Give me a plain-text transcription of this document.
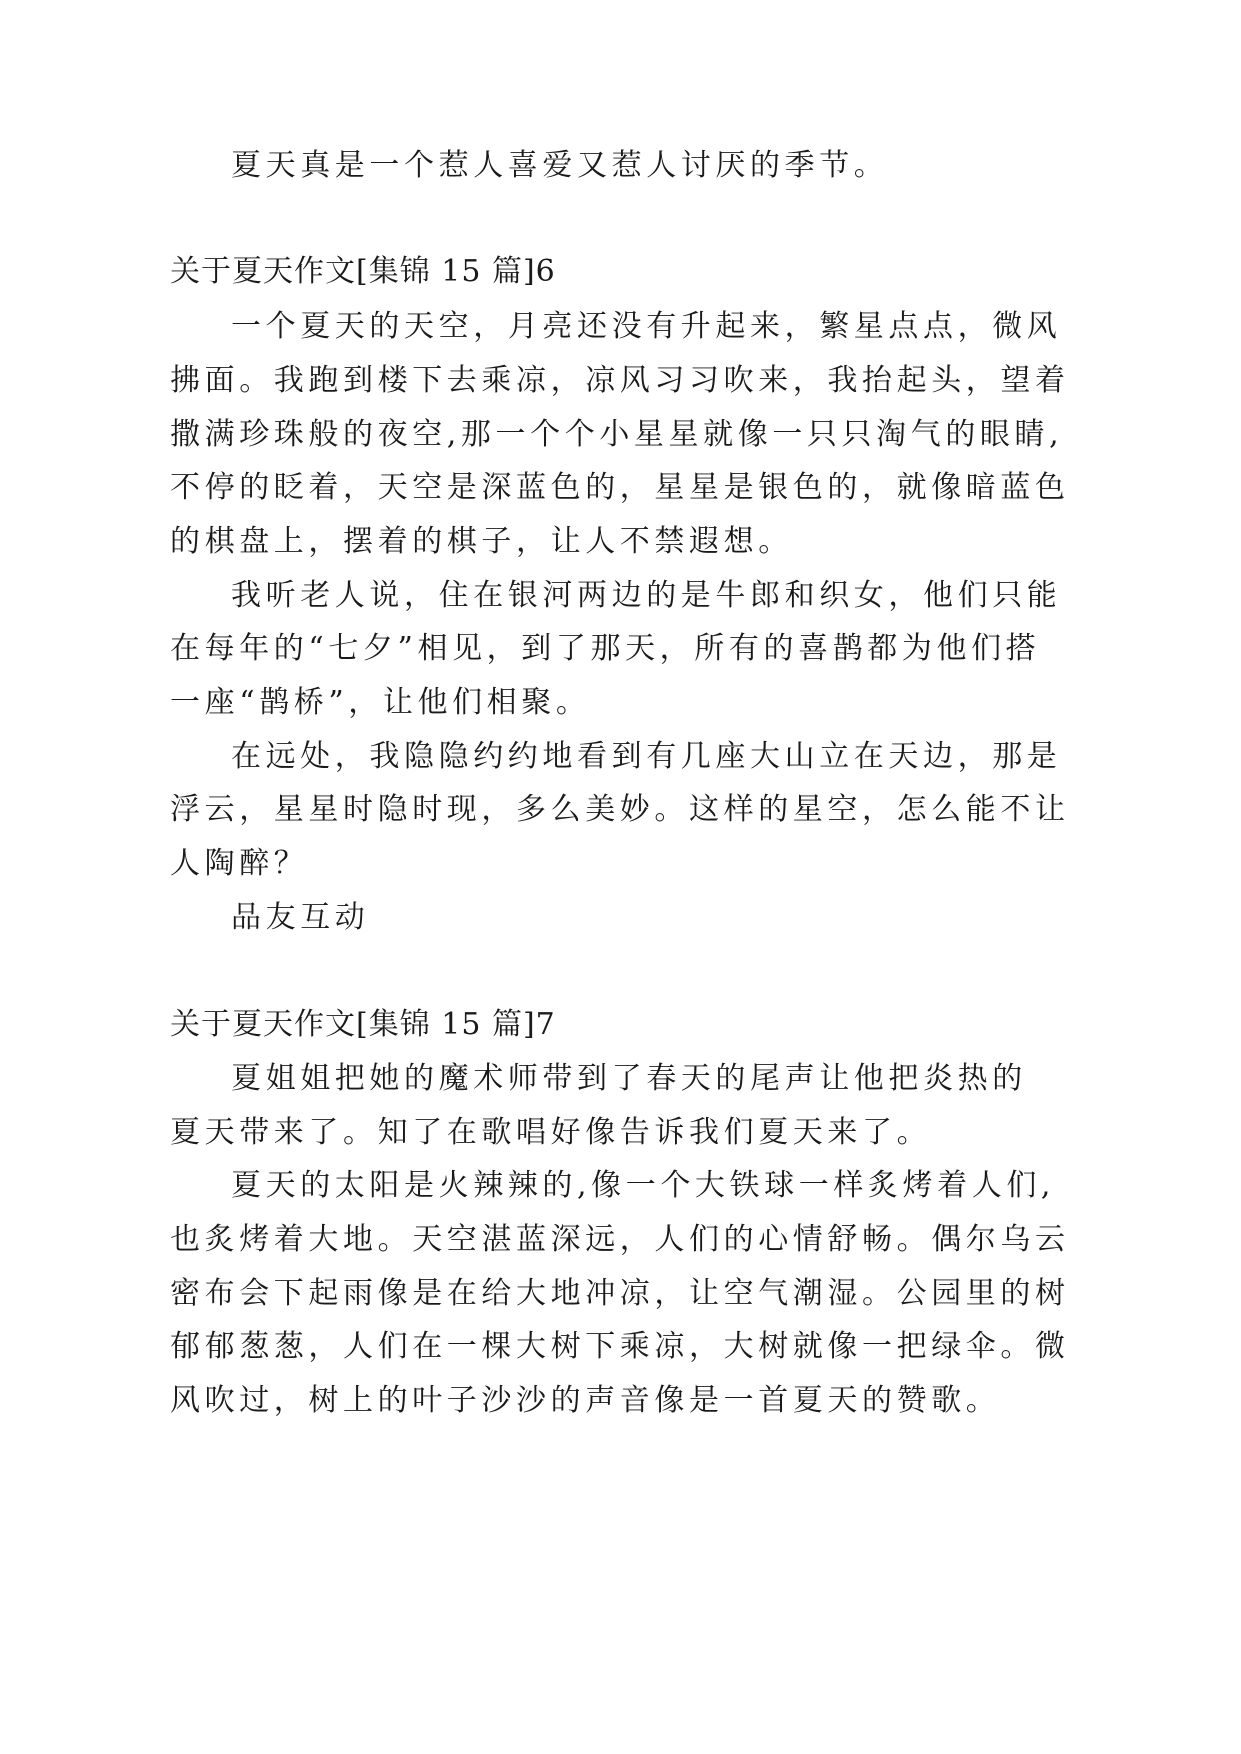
夏天真是一个惹人喜爱又惹人讨厌的季节。
关于夏天作文[集锦 15 篇]6
一个夏天的天空，月亮还没有升起来，繁星点点，微风
拂面。我跑到楼下去乘凉，凉风习习吹来，我抬起头，望着
撒满珍珠般的夜空,那一个个小星星就像一只只淘气的眼睛,
不停的眨着，天空是深蓝色的，星星是银色的，就像暗蓝色
的棋盘上，摆着的棋子，让人不禁遐想。
我听老人说，住在银河两边的是牛郎和织女，他们只能
在每年的“七夕”相见，到了那天，所有的喜鹊都为他们搭
一座“鹊桥”，让他们相聚。
在远处，我隐隐约约地看到有几座大山立在天边，那是
浮云，星星时隐时现，多么美妙。这样的星空，怎么能不让
人陶醉？
品友互动
关于夏天作文[集锦 15 篇]7
夏姐姐把她的魔术师带到了春天的尾声让他把炎热的
夏天带来了。知了在歌唱好像告诉我们夏天来了。
夏天的太阳是火辣辣的,像一个大铁球一样炙烤着人们,
也炙烤着大地。天空湛蓝深远，人们的心情舒畅。偶尔乌云
密布会下起雨像是在给大地冲凉，让空气潮湿。公园里的树
郁郁葱葱，人们在一棵大树下乘凉，大树就像一把绿伞。微
风吹过，树上的叶子沙沙的声音像是一首夏天的赞歌。
